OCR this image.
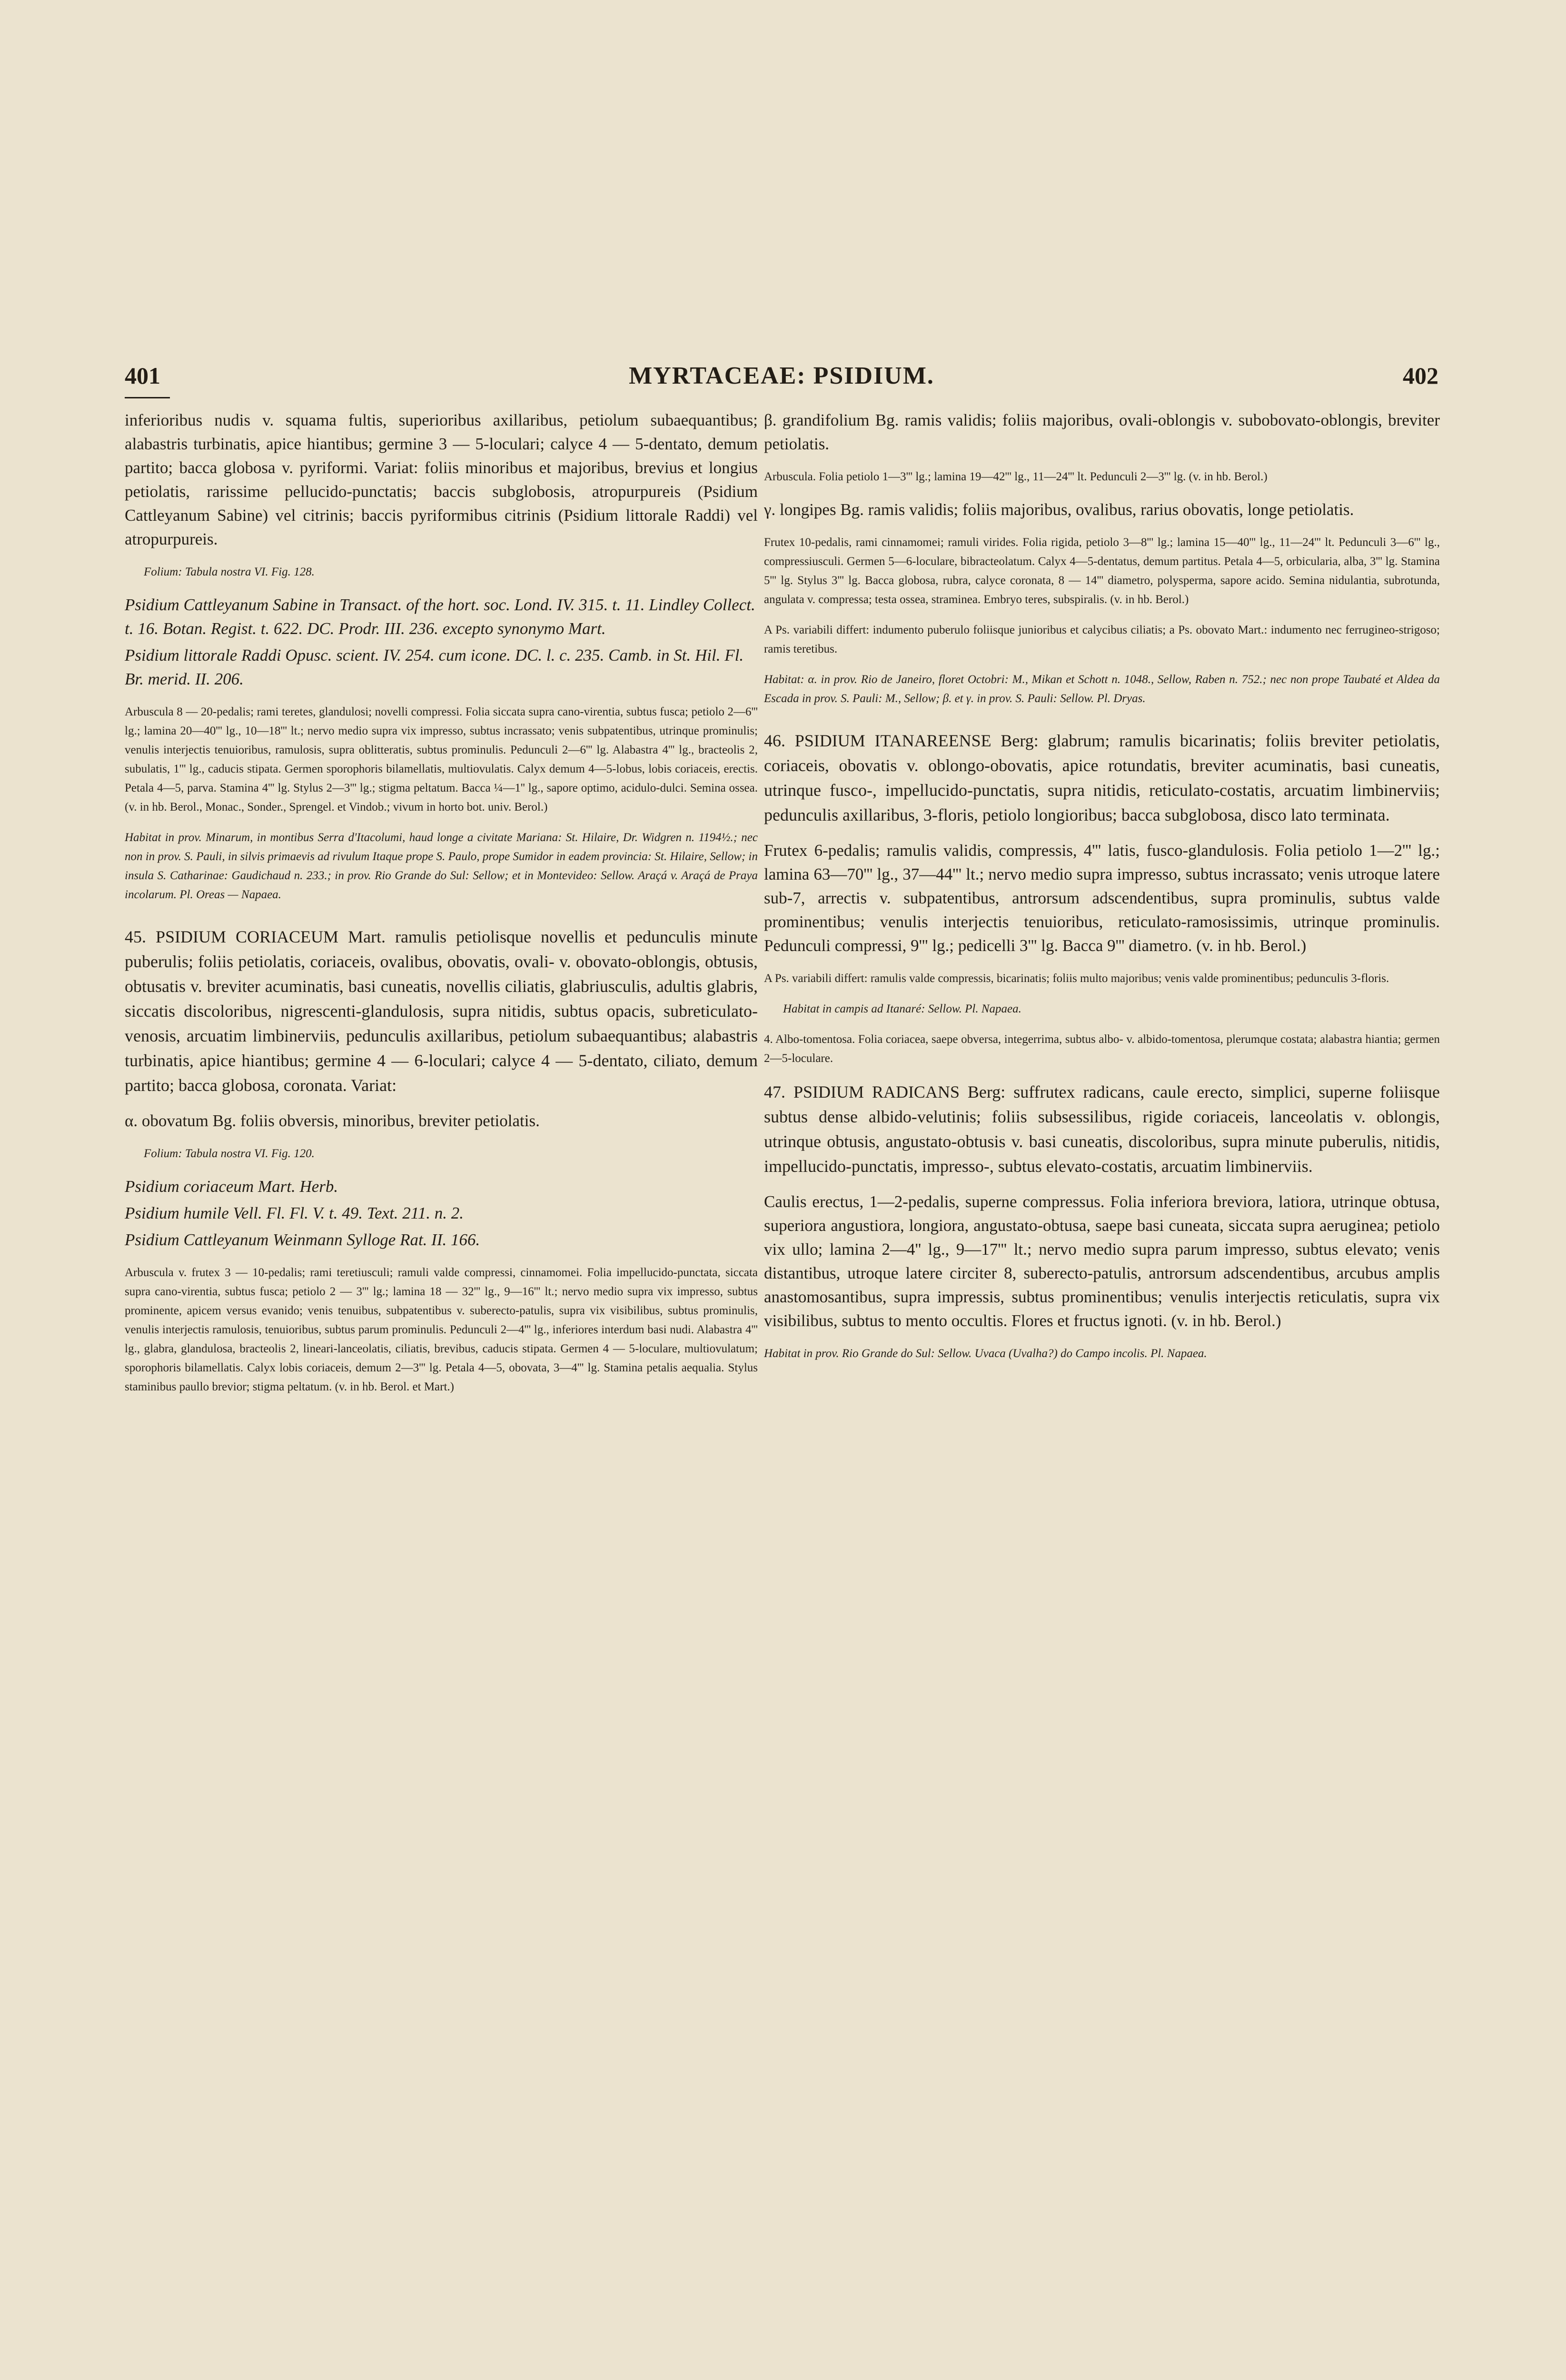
401	MYRTACEAE: PSIDIUM.	402

inferioribus nudis v. squama fultis, superioribus axillaribus, petiolum subaequantibus; alabastris turbinatis, apice hiantibus; germine 3 — 5-loculari; calyce 4 — 5-dentato, demum partito; bacca globosa v. pyriformi. Variat: foliis minoribus et majoribus, brevius et longius petiolatis, rarissime pellucido-punctatis; baccis subglobosis, atropurpureis (Psidium Cattleyanum Sabine) vel citrinis; baccis pyriformibus citrinis (Psidium littorale Raddi) vel atropurpureis.

Folium: Tabula nostra VI. Fig. 128.

Psidium Cattleyanum Sabine in Transact. of the hort. soc. Lond. IV. 315. t. 11. Lindley Collect. t. 16. Botan. Regist. t. 622. DC. Prodr. III. 236. excepto synonymo Mart.

Psidium littorale Raddi Opusc. scient. IV. 254. cum icone. DC. l. c. 235. Camb. in St. Hil. Fl. Br. merid. II. 206.

Arbuscula 8 — 20-pedalis; rami teretes, glandulosi; novelli compressi. Folia siccata supra cano-virentia, subtus fusca; petiolo 2—6''' lg.; lamina 20—40''' lg., 10—18''' lt.; nervo medio supra vix impresso, subtus incrassato; venis subpatentibus, utrinque prominulis; venulis interjectis tenuioribus, ramulosis, supra oblitteratis, subtus prominulis. Pedunculi 2—6''' lg. Alabastra 4''' lg., bracteolis 2, subulatis, 1''' lg., caducis stipata. Germen sporophoris bilamellatis, multiovulatis. Calyx demum 4—5-lobus, lobis coriaceis, erectis. Petala 4—5, parva. Stamina 4''' lg. Stylus 2—3''' lg.; stigma peltatum. Bacca ¼—1'' lg., sapore optimo, acidulo-dulci. Semina ossea. (v. in hb. Berol., Monac., Sonder., Sprengel. et Vindob.; vivum in horto bot. univ. Berol.)

Habitat in prov. Minarum, in montibus Serra d'Itacolumi, haud longe a civitate Mariana: St. Hilaire, Dr. Widgren n. 1194½.; nec non in prov. S. Pauli, in silvis primaevis ad rivulum Itaque prope S. Paulo, prope Sumidor in eadem provincia: St. Hilaire, Sellow; in insula S. Catharinae: Gaudichaud n. 233.; in prov. Rio Grande do Sul: Sellow; et in Montevideo: Sellow. Araçá v. Araçá de Praya incolarum. Pl. Oreas — Napaea.

45. PSIDIUM CORIACEUM Mart. ramulis petiolisque novellis et pedunculis minute puberulis; foliis petiolatis, coriaceis, ovalibus, obovatis, ovali- v. obovato-oblongis, obtusis, obtusatis v. breviter acuminatis, basi cuneatis, novellis ciliatis, glabriusculis, adultis glabris, siccatis discoloribus, nigrescenti-glandulosis, supra nitidis, subtus opacis, subreticulato-venosis, arcuatim limbinerviis, pedunculis axillaribus, petiolum subaequantibus; alabastris turbinatis, apice hiantibus; germine 4 — 6-loculari; calyce 4 — 5-dentato, ciliato, demum partito; bacca globosa, coronata. Variat:

α. obovatum Bg. foliis obversis, minoribus, breviter petiolatis.

Folium: Tabula nostra VI. Fig. 120.

Psidium coriaceum Mart. Herb.

Psidium humile Vell. Fl. Fl. V. t. 49. Text. 211. n. 2.

Psidium Cattleyanum Weinmann Sylloge Rat. II. 166.

Arbuscula v. frutex 3 — 10-pedalis; rami teretiusculi; ramuli valde compressi, cinnamomei. Folia impellucido-punctata, siccata supra cano-virentia, subtus fusca; petiolo 2 — 3''' lg.; lamina 18 — 32''' lg., 9—16''' lt.; nervo medio supra vix impresso, subtus prominente, apicem versus evanido; venis tenuibus, subpatentibus v. suberecto-patulis, supra vix visibilibus, subtus prominulis, venulis interjectis ramulosis, tenuioribus, subtus parum prominulis. Pedunculi 2—4''' lg., inferiores interdum basi nudi. Alabastra 4''' lg., glabra, glandulosa, bracteolis 2, lineari-lanceolatis, ciliatis, brevibus, caducis stipata. Germen 4 — 5-loculare, multiovulatum; sporophoris bilamellatis. Calyx lobis coriaceis, demum 2—3''' lg. Petala 4—5, obovata, 3—4''' lg. Stamina petalis aequalia. Stylus staminibus paullo brevior; stigma peltatum. (v. in hb. Berol. et Mart.)

β. grandifolium Bg. ramis validis; foliis majoribus, ovali-oblongis v. subobovato-oblongis, breviter petiolatis.

Arbuscula. Folia petiolo 1—3''' lg.; lamina 19—42''' lg., 11—24''' lt. Pedunculi 2—3''' lg. (v. in hb. Berol.)

γ. longipes Bg. ramis validis; foliis majoribus, ovalibus, rarius obovatis, longe petiolatis.

Frutex 10-pedalis, rami cinnamomei; ramuli virides. Folia rigida, petiolo 3—8''' lg.; lamina 15—40''' lg., 11—24''' lt. Pedunculi 3—6''' lg., compressiusculi. Germen 5—6-loculare, bibracteolatum. Calyx 4—5-dentatus, demum partitus. Petala 4—5, orbicularia, alba, 3''' lg. Stamina 5''' lg. Stylus 3''' lg. Bacca globosa, rubra, calyce coronata, 8 — 14''' diametro, polysperma, sapore acido. Semina nidulantia, subrotunda, angulata v. compressa; testa ossea, straminea. Embryo teres, subspiralis. (v. in hb. Berol.)

A Ps. variabili differt: indumento puberulo foliisque junioribus et calycibus ciliatis; a Ps. obovato Mart.: indumento nec ferrugineo-strigoso; ramis teretibus.

Habitat: α. in prov. Rio de Janeiro, floret Octobri: M., Mikan et Schott n. 1048., Sellow, Raben n. 752.; nec non prope Taubaté et Aldea da Escada in prov. S. Pauli: M., Sellow; β. et γ. in prov. S. Pauli: Sellow. Pl. Dryas.

46. PSIDIUM ITANAREENSE Berg: glabrum; ramulis bicarinatis; foliis breviter petiolatis, coriaceis, obovatis v. oblongo-obovatis, apice rotundatis, breviter acuminatis, basi cuneatis, utrinque fusco-, impellucido-punctatis, supra nitidis, reticulato-costatis, arcuatim limbinerviis; pedunculis axillaribus, 3-floris, petiolo longioribus; bacca subglobosa, disco lato terminata.

Frutex 6-pedalis; ramulis validis, compressis, 4''' latis, fusco-glandulosis. Folia petiolo 1—2''' lg.; lamina 63—70''' lg., 37—44''' lt.; nervo medio supra impresso, subtus incrassato; venis utroque latere sub-7, arrectis v. subpatentibus, antrorsum adscendentibus, supra prominulis, subtus valde prominentibus; venulis interjectis tenuioribus, reticulato-ramosissimis, utrinque prominulis. Pedunculi compressi, 9''' lg.; pedicelli 3''' lg. Bacca 9''' diametro. (v. in hb. Berol.)

A Ps. variabili differt: ramulis valde compressis, bicarinatis; foliis multo majoribus; venis valde prominentibus; pedunculis 3-floris.

Habitat in campis ad Itanaré: Sellow. Pl. Napaea.

4. Albo-tomentosa. Folia coriacea, saepe obversa, integerrima, subtus albo- v. albido-tomentosa, plerumque costata; alabastra hiantia; germen 2—5-loculare.

47. PSIDIUM RADICANS Berg: suffrutex radicans, caule erecto, simplici, superne foliisque subtus dense albido-velutinis; foliis subsessilibus, rigide coriaceis, lanceolatis v. oblongis, utrinque obtusis, angustato-obtusis v. basi cuneatis, discoloribus, supra minute puberulis, nitidis, impellucido-punctatis, impresso-, subtus elevato-costatis, arcuatim limbinerviis.

Caulis erectus, 1—2-pedalis, superne compressus. Folia inferiora breviora, latiora, utrinque obtusa, superiora angustiora, longiora, angustato-obtusa, saepe basi cuneata, siccata supra aeruginea; petiolo vix ullo; lamina 2—4'' lg., 9—17''' lt.; nervo medio supra parum impresso, subtus elevato; venis distantibus, utroque latere circiter 8, suberecto-patulis, antrorsum adscendentibus, arcubus amplis anastomosantibus, supra impressis, subtus prominentibus; venulis interjectis reticulatis, supra vix visibilibus, subtus to mento occultis. Flores et fructus ignoti. (v. in hb. Berol.)

Habitat in prov. Rio Grande do Sul: Sellow. Uvaca (Uvalha?) do Campo incolis. Pl. Napaea.
